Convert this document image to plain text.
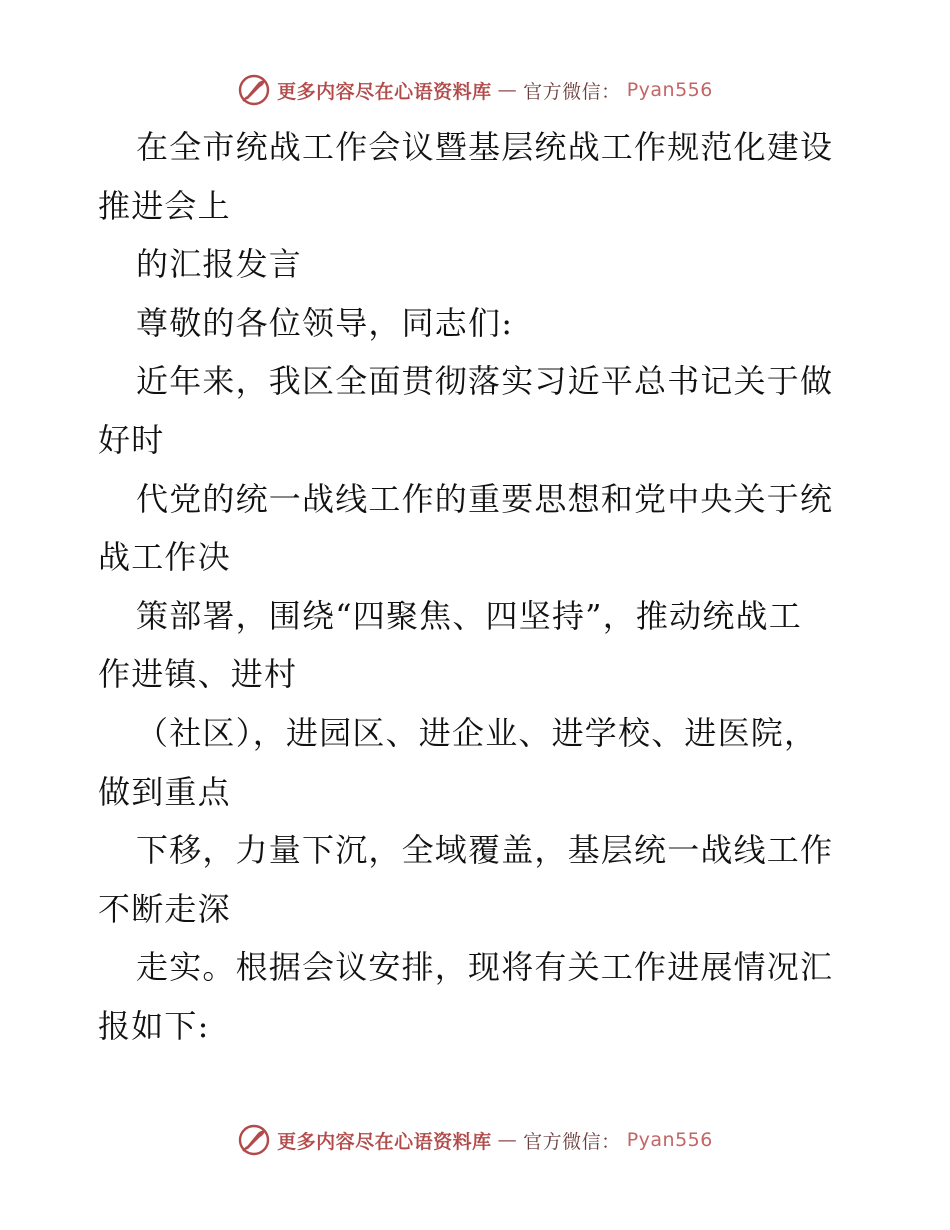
更多内容尽在心语资料库 — 官方微信： Pyan556
在全市统战工作会议暨基层统战工作规范化建设
推进会上
的汇报发言
尊敬的各位领导，同志们:
近年来，我区全面贯彻落实习近平总书记关于做
好时
代党的统一战线工作的重要思想和党中央关于统
战工作决
策部署，围绕“四聚焦、四坚持”，推动统战工
作进镇、进村
（社区），进园区、进企业、进学校、进医院，
做到重点
下移，力量下沉，全域覆盖，基层统一战线工作
不断走深
走实。根据会议安排，现将有关工作进展情况汇
报如下:
更多内容尽在心语资料库 — 官方微信： Pyan556
